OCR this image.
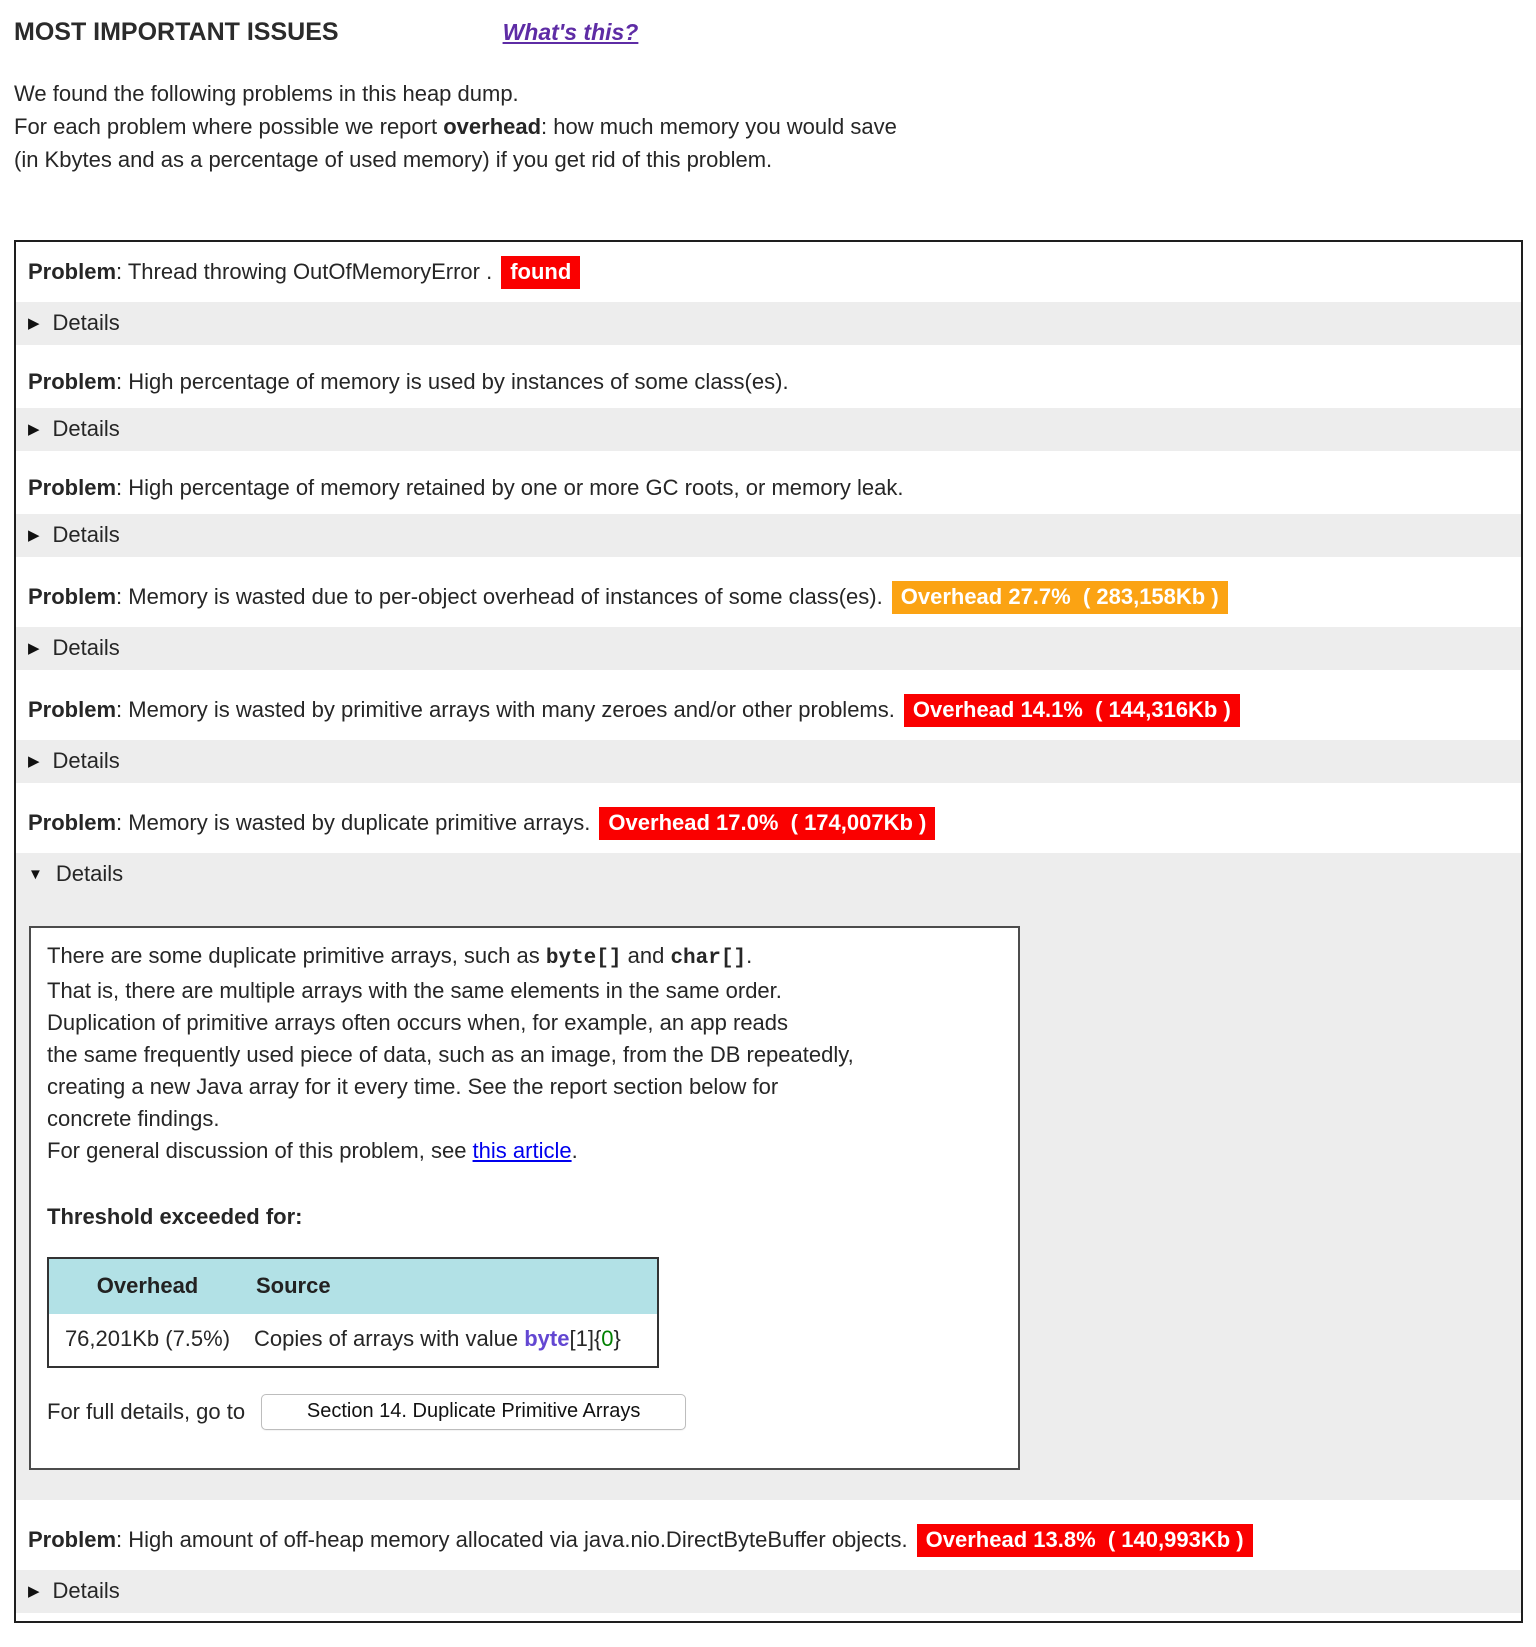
MOST IMPORTANT ISSUES	What's this?
We found the following problems in this heap dump.
For each problem where possible we report overhead: how much memory you would save
(in Kbytes and as a percentage of used memory) if you get rid of this problem.
Problem: Thread throwing OutOfMemoryError . found
▶ Details
Problem: High percentage of memory is used by instances of some class(es).
▶ Details
Problem: High percentage of memory retained by one or more GC roots, or memory leak.
▶ Details
Problem: Memory is wasted due to per-object overhead of instances of some class(es). Overhead 27.7%  ( 283,158Kb )
▶ Details
Problem: Memory is wasted by primitive arrays with many zeroes and/or other problems. Overhead 14.1%  ( 144,316Kb )
▶ Details
Problem: Memory is wasted by duplicate primitive arrays. Overhead 17.0%  ( 174,007Kb )
▼ Details
There are some duplicate primitive arrays, such as byte[] and char[].
That is, there are multiple arrays with the same elements in the same order.
Duplication of primitive arrays often occurs when, for example, an app reads
the same frequently used piece of data, such as an image, from the DB repeatedly,
creating a new Java array for it every time. See the report section below for
concrete findings.
For general discussion of this problem, see this article.
Threshold exceeded for:
Overhead	Source
76,201Kb (7.5%)	Copies of arrays with value byte[1]{0}
For full details, go to	Section 14. Duplicate Primitive Arrays
Problem: High amount of off-heap memory allocated via java.nio.DirectByteBuffer objects. Overhead 13.8%  ( 140,993Kb )
▶ Details
